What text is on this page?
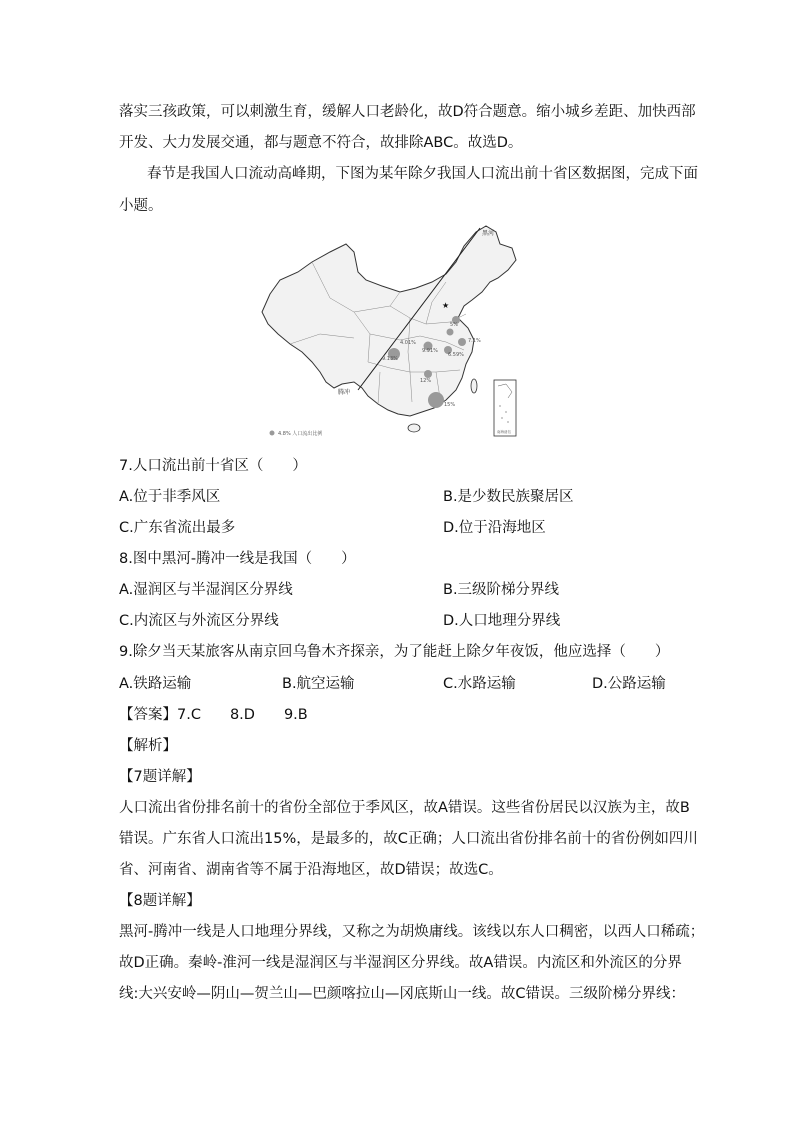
落实三孩政策，可以刺激生育，缓解人口老龄化，故D符合题意。缩小城乡差距、加快西部
开发、大力发展交通，都与题意不符合，故排除ABC。故选D。
春节是我国人口流动高峰期，下图为某年除夕我国人口流出前十省区数据图，完成下面
小题。
黑河
腾冲
★
5%
4.01%
9.91%
7.1%
6.59%
9.13%
12%
15%
4.8% 人口流出比例	南海诸岛
7.人口流出前十省区（　　）
A.位于非季风区	B.是少数民族聚居区
C.广东省流出最多	D.位于沿海地区
8.图中黑河-腾冲一线是我国（　　）
A.湿润区与半湿润区分界线	B.三级阶梯分界线
C.内流区与外流区分界线	D.人口地理分界线
9.除夕当天某旅客从南京回乌鲁木齐探亲，为了能赶上除夕年夜饭，他应选择（　　）
A.铁路运输	B.航空运输	C.水路运输	D.公路运输
【答案】7.C　　8.D　　9.B
【解析】
【7题详解】
人口流出省份排名前十的省份全部位于季风区，故A错误。这些省份居民以汉族为主，故B
错误。广东省人口流出15%，是最多的，故C正确；人口流出省份排名前十的省份例如四川
省、河南省、湖南省等不属于沿海地区，故D错误；故选C。
【8题详解】
黑河-腾冲一线是人口地理分界线，又称之为胡焕庸线。该线以东人口稠密，以西人口稀疏；
故D正确。秦岭-淮河一线是湿润区与半湿润区分界线。故A错误。内流区和外流区的分界
线:大兴安岭—阴山—贺兰山—巴颜喀拉山—冈底斯山一线。故C错误。三级阶梯分界线：
